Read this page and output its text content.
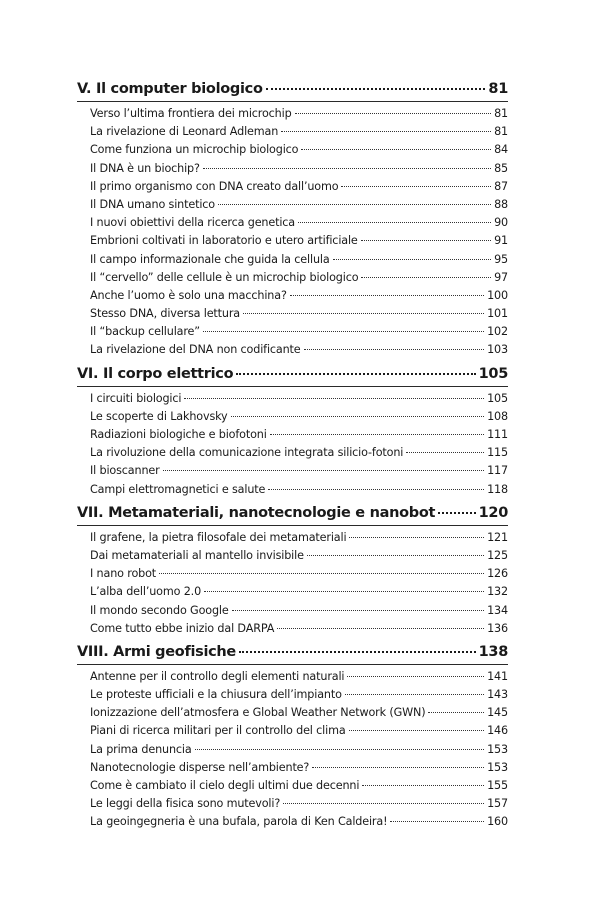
V. Il computer biologico	81
Verso l’ultima frontiera dei microchip	81
La rivelazione di Leonard Adleman	81
Come funziona un microchip biologico	84
Il DNA è un biochip?	85
Il primo organismo con DNA creato dall’uomo	87
Il DNA umano sintetico	88
I nuovi obiettivi della ricerca genetica	90
Embrioni coltivati in laboratorio e utero artificiale	91
Il campo informazionale che guida la cellula	95
Il “cervello” delle cellule è un microchip biologico	97
Anche l’uomo è solo una macchina?	100
Stesso DNA, diversa lettura	101
Il “backup cellulare”	102
La rivelazione del DNA non codificante	103
VI. Il corpo elettrico	105
I circuiti biologici	105
Le scoperte di Lakhovsky	108
Radiazioni biologiche e biofotoni	111
La rivoluzione della comunicazione integrata silicio-fotoni	115
Il bioscanner	117
Campi elettromagnetici e salute	118
VII. Metamateriali, nanotecnologie e nanobot	120
Il grafene, la pietra filosofale dei metamateriali	121
Dai metamateriali al mantello invisibile	125
I nano robot	126
L’alba dell’uomo 2.0	132
Il mondo secondo Google	134
Come tutto ebbe inizio dal DARPA	136
VIII. Armi geofisiche	138
Antenne per il controllo degli elementi naturali	141
Le proteste ufficiali e la chiusura dell’impianto	143
Ionizzazione dell’atmosfera e Global Weather Network (GWN)	145
Piani di ricerca militari per il controllo del clima	146
La prima denuncia	153
Nanotecnologie disperse nell’ambiente?	153
Come è cambiato il cielo degli ultimi due decenni	155
Le leggi della fisica sono mutevoli?	157
La geoingegneria è una bufala, parola di Ken Caldeira!	160
